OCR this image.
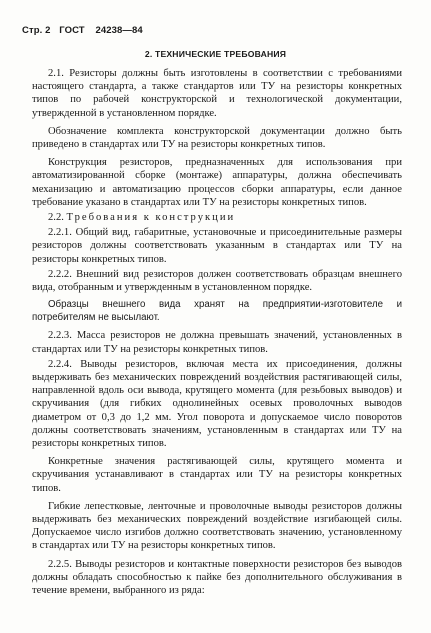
Стр. 2 ГОСТ 24238—84
2. ТЕХНИЧЕСКИЕ ТРЕБОВАНИЯ

2.1. Резисторы должны быть изготовлены в соответствии с требованиями настоящего стандарта, а также стандартов или ТУ на резисторы конкретных типов по рабочей конструкторской и технологической документации, утвержденной в установленном порядке.

Обозначение комплекта конструкторской документации должно быть приведено в стандартах или ТУ на резисторы конкретных типов.

Конструкция резисторов, предназначенных для использования при автоматизированной сборке (монтаже) аппаратуры, должна обеспечивать механизацию и автоматизацию процессов сборки аппаратуры, если данное требование указано в стандартах или ТУ на резисторы конкретных типов.

2.2. Требования к конструкции

2.2.1. Общий вид, габаритные, установочные и присоединительные размеры резисторов должны соответствовать указанным в стандартах или ТУ на резисторы конкретных типов.

2.2.2. Внешний вид резисторов должен соответствовать образцам внешнего вида, отобранным и утвержденным в установленном порядке.

Образцы внешнего вида хранят на предприятии-изготовителе и потребителям не высылают.

2.2.3. Масса резисторов не должна превышать значений, установленных в стандартах или ТУ на резисторы конкретных типов.

2.2.4. Выводы резисторов, включая места их присоединения, должны выдерживать без механических повреждений воздействия растягивающей силы, направленной вдоль оси вывода, крутящего момента (для резьбовых выводов) и скручивания (для гибких однолинейных осевых проволочных выводов диаметром от 0,3 до 1,2 мм. Угол поворота и допускаемое число поворотов должны соответствовать значениям, установленным в стандартах или ТУ на резисторы конкретных типов.

Конкретные значения растягивающей силы, крутящего момента и скручивания устанавливают в стандартах или ТУ на резисторы конкретных типов.

Гибкие лепестковые, ленточные и проволочные выводы резисторов должны выдерживать без механических повреждений воздействие изгибающей силы. Допускаемое число изгибов должно соответствовать значению, установленному в стандартах или ТУ на резисторы конкретных типов.

2.2.5. Выводы резисторов и контактные поверхности резисторов без выводов должны обладать способностью к пайке без дополнительного обслуживания в течение времени, выбранного из ряда:
